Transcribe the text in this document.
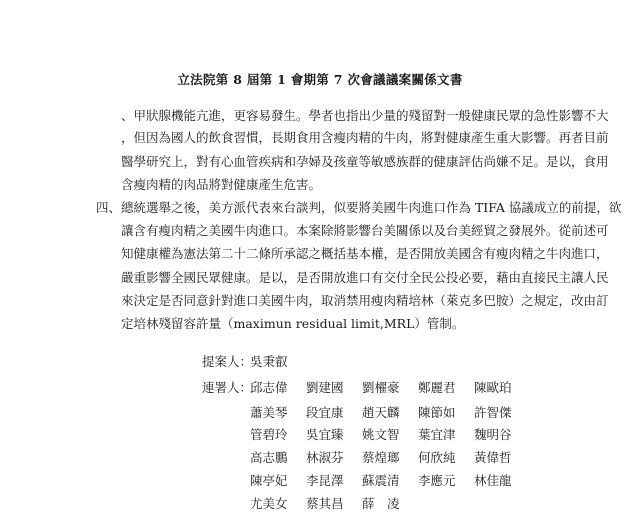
立法院第 8 屆第 1 會期第 7 次會議議案關係文書
、甲狀腺機能亢進，更容易發生。學者也指出少量的殘留對一般健康民眾的急性影響不大
，但因為國人的飲食習慣，長期食用含瘦肉精的牛肉，將對健康產生重大影響。再者目前
醫學研究上，對有心血管疾病和孕婦及孩童等敏感族群的健康評估尚嫌不足。是以，食用
含瘦肉精的肉品將對健康產生危害。
四、總統選舉之後，美方派代表來台談判，似要將美國牛肉進口作為 TIFA 協議成立的前提，欲
讓含有瘦肉精之美國牛肉進口。本案除將影響台美關係以及台美經貿之發展外。從前述可
知健康權為憲法第二十二條所承認之概括基本權，是否開放美國含有瘦肉精之牛肉進口，
嚴重影響全國民眾健康。是以，是否開放進口有交付全民公投必要，藉由直接民主讓人民
來決定是否同意針對進口美國牛肉，取消禁用瘦肉精培林（萊克多巴胺）之規定，改由訂
定培林殘留容許量（maximun residual limit,MRL）管制。
提案人：
吳秉叡
連署人：
邱志偉 劉建國 劉櫂豪 鄭麗君 陳歐珀
蕭美琴 段宜康 趙天麟 陳節如 許智傑
管碧玲 吳宜臻 姚文智 葉宜津 魏明谷
高志鵬 林淑芬 蔡煌瑯 何欣純 黃偉哲
陳亭妃 李昆澤 蘇震清 李應元 林佳龍
尤美女 蔡其昌 薛　凌
